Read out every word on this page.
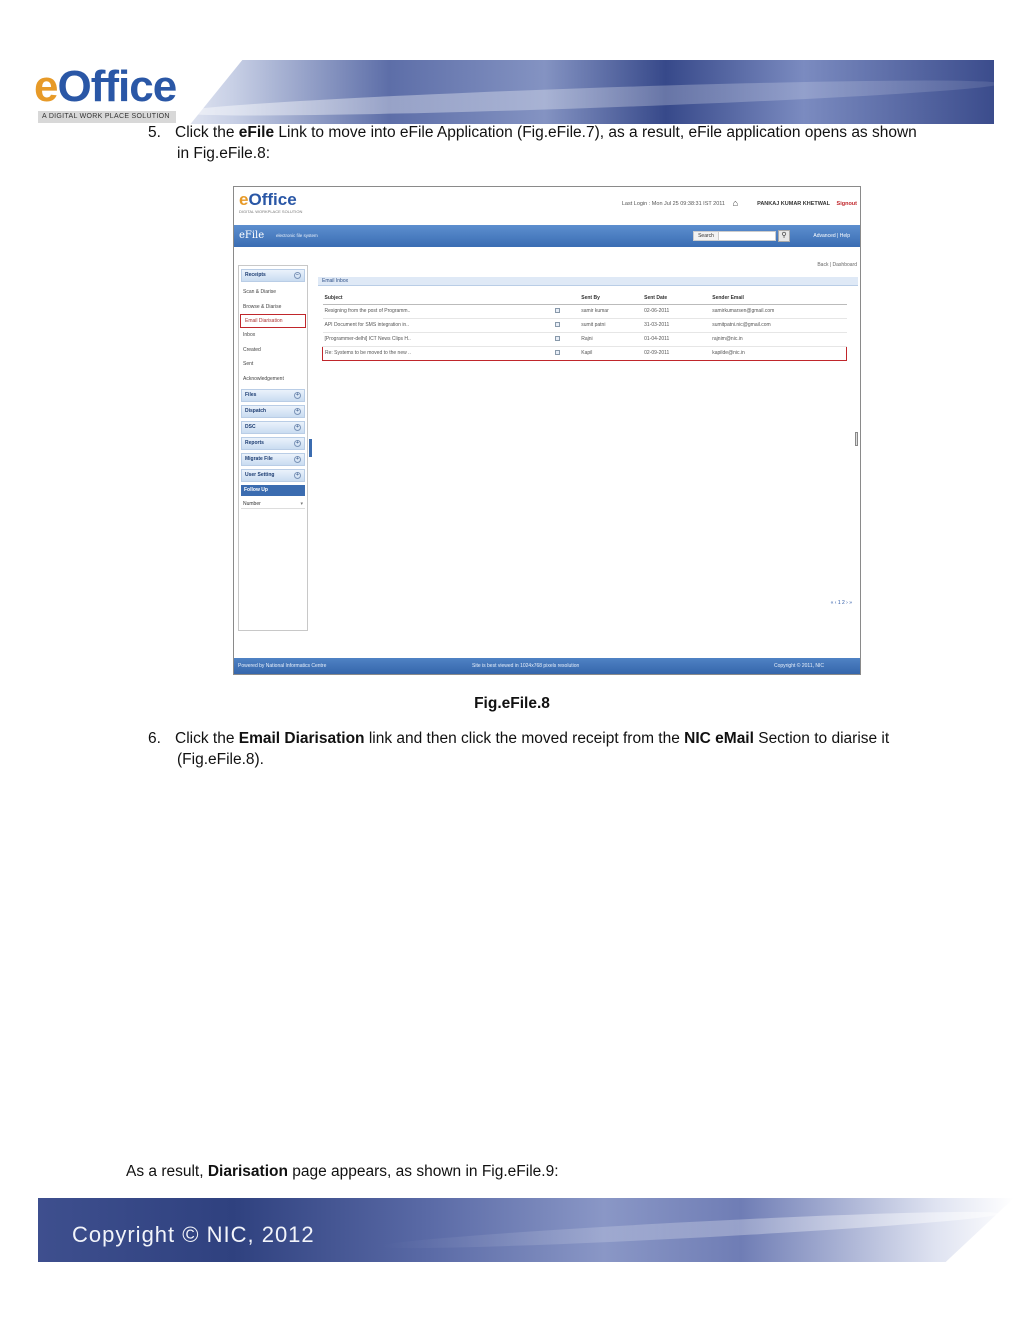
eOffice
A DIGITAL WORK PLACE SOLUTION
5. Click the eFile Link to move into eFile Application (Fig.eFile.7), as a result, eFile application opens as shown
in Fig.eFile.8:
eOffice
DIGITAL WORKPLACE SOLUTION
Last Login : Mon Jul 25 09:38:31 IST 2011 ⌂	PANKAJ KUMAR KHETWAL Signout
eFile	electronic file system	Search	⚲	Advanced | Help
Back | Dashboard
Receipts	−
Scan & Diarise
Browse & Diarise
Email Diarisation
Inbox
Created
Sent
Acknowledgement
Files	+
Dispatch	+
DSC	+
Reports	+
Migrate File	+
User Setting	+
Follow Up
Number	▾
Email Inbox
Subject		Sent By	Sent Date	Sender Email
Resigning from the post of Programm..		samir kumar	02-06-2011	samirkumarsen@gmail.com
API Document for SMS integration in..		sumit patni	31-03-2011	sumitpatni.nic@gmail.com
[Programmer-delhi] ICT News Clips H..		Rajni	01-04-2011	rajnim@nic.in
Re: Systems to be moved to the new ..		Kapil	02-09-2011	kapilde@nic.in
« ‹ 1 2 › »
Powered by National Informatics Centre	Site is best viewed in 1024x768 pixels resolution	Copyright © 2011, NIC
Fig.eFile.8
6. Click the Email Diarisation link and then click the moved receipt from the NIC eMail Section to diarise it
(Fig.eFile.8).
As a result, Diarisation page appears, as shown in Fig.eFile.9:
Copyright © NIC, 2012
